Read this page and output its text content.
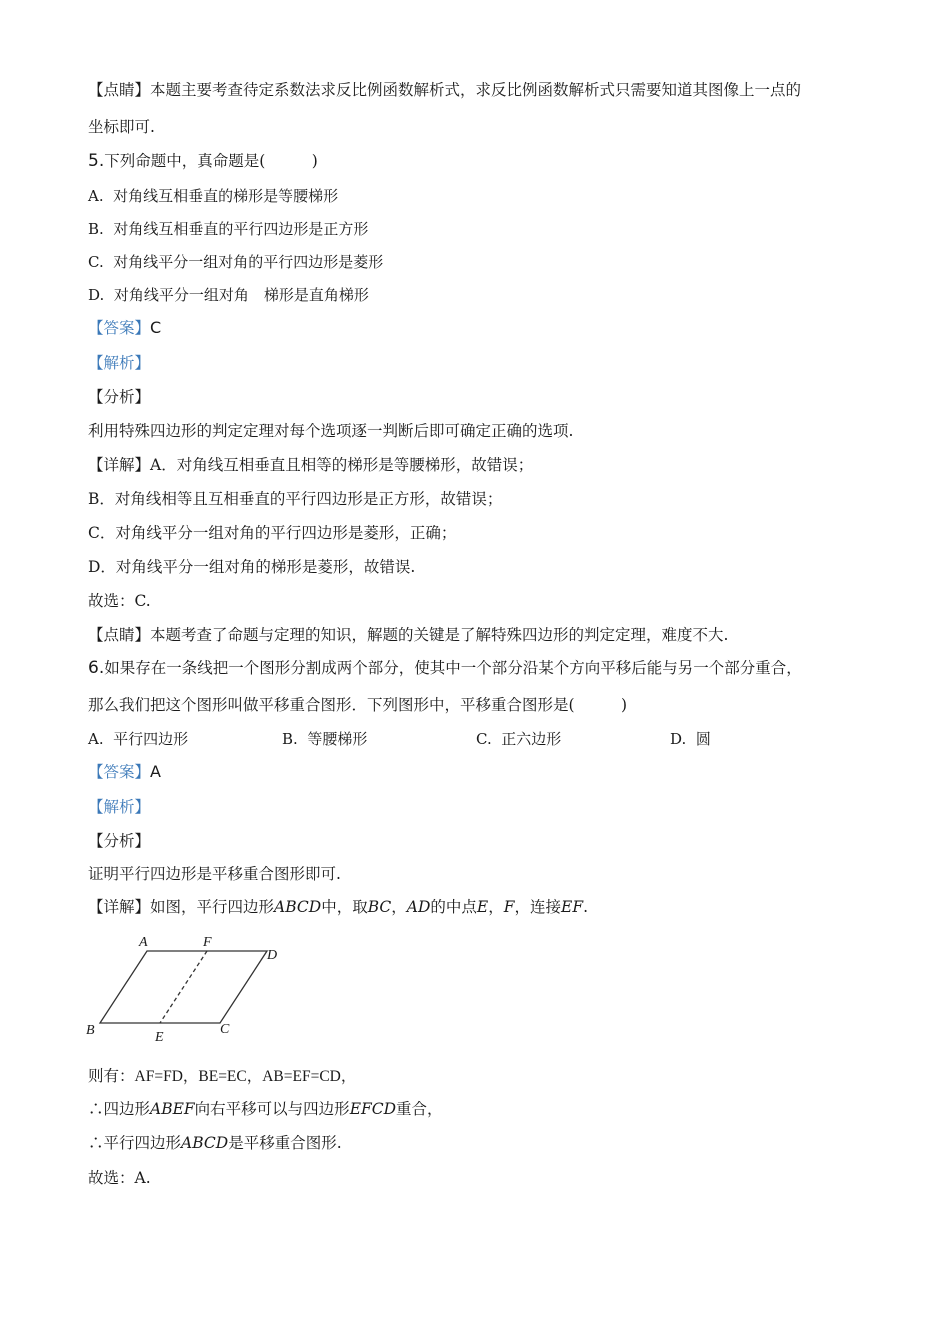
【点睛】本题主要考查待定系数法求反比例函数解析式，求反比例函数解析式只需要知道其图像上一点的
坐标即可.
5.下列命题中，真命题是(　　　)
A. 对角线互相垂直的梯形是等腰梯形
B. 对角线互相垂直的平行四边形是正方形
C. 对角线平分一组对角的平行四边形是菱形
D. 对角线平分一组对角　梯形是直角梯形
【答案】C
【解析】
【分析】
利用特殊四边形的判定定理对每个选项逐一判断后即可确定正确的选项.
【详解】A．对角线互相垂直且相等的梯形是等腰梯形，故错误；
B．对角线相等且互相垂直的平行四边形是正方形，故错误；
C．对角线平分一组对角的平行四边形是菱形，正确；
D．对角线平分一组对角的梯形是菱形，故错误.
故选：C.
【点睛】本题考查了命题与定理的知识，解题的关键是了解特殊四边形的判定定理，难度不大.
6.如果存在一条线把一个图形分割成两个部分，使其中一个部分沿某个方向平移后能与另一个部分重合，
那么我们把这个图形叫做平移重合图形．下列图形中，平移重合图形是(　　　)
A. 平行四边形	B. 等腰梯形	C. 正六边形	D. 圆
【答案】A
【解析】
【分析】
证明平行四边形是平移重合图形即可.
【详解】如图，平行四边形ABCD中，取BC，AD的中点E，F，连接EF.
A	F
D
B	E
C
则有：AF=FD，BE=EC，AB=EF=CD，
∴四边形ABEF向右平移可以与四边形EFCD重合，
∴平行四边形ABCD是平移重合图形.
故选：A.
